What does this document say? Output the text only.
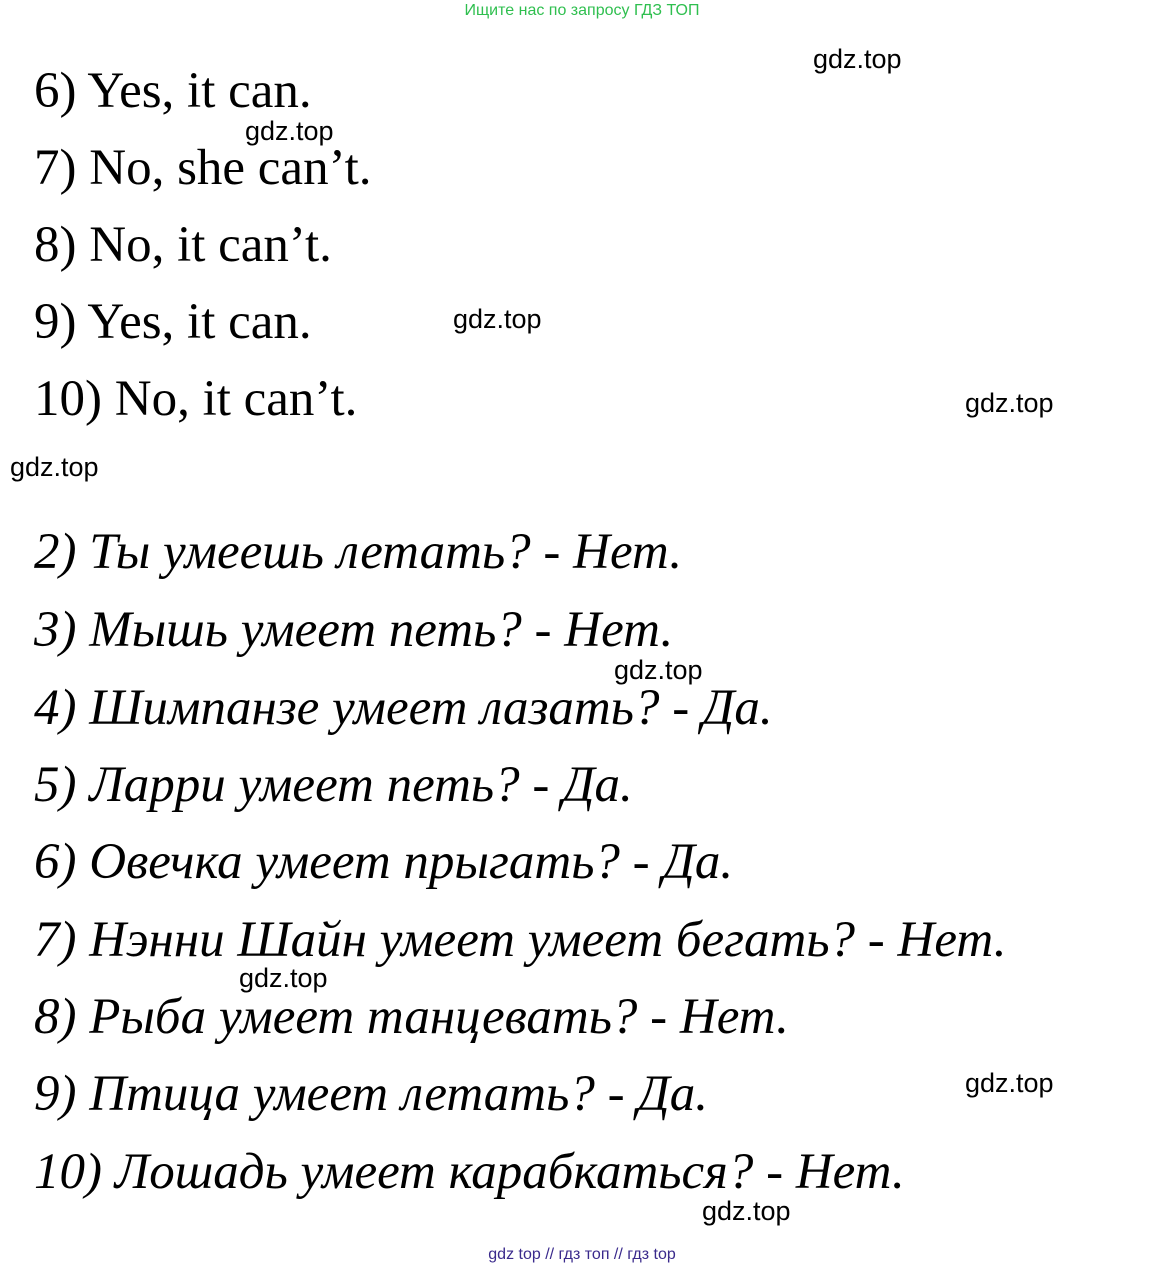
Ищите нас по запросу ГДЗ ТОП
6) Yes, it can.
7) No, she can’t.
8) No, it can’t.
9) Yes, it can.
10) No, it can’t.
2) Ты умеешь летать? - Нет.
3) Мышь умеет петь? - Нет.
4) Шимпанзе умеет лазать? - Да.
5) Ларри умеет петь? - Да.
6) Овечка умеет прыгать? - Да.
7) Нэнни Шайн умеет умеет бегать? - Нет.
8) Рыба умеет танцевать? - Нет.
9) Птица умеет летать? - Да.
10) Лошадь умеет карабкаться? - Нет.
gdz.top
gdz.top
gdz.top
gdz.top
gdz.top
gdz.top
gdz.top
gdz.top
gdz.top
gdz top // гдз топ // гдз top
